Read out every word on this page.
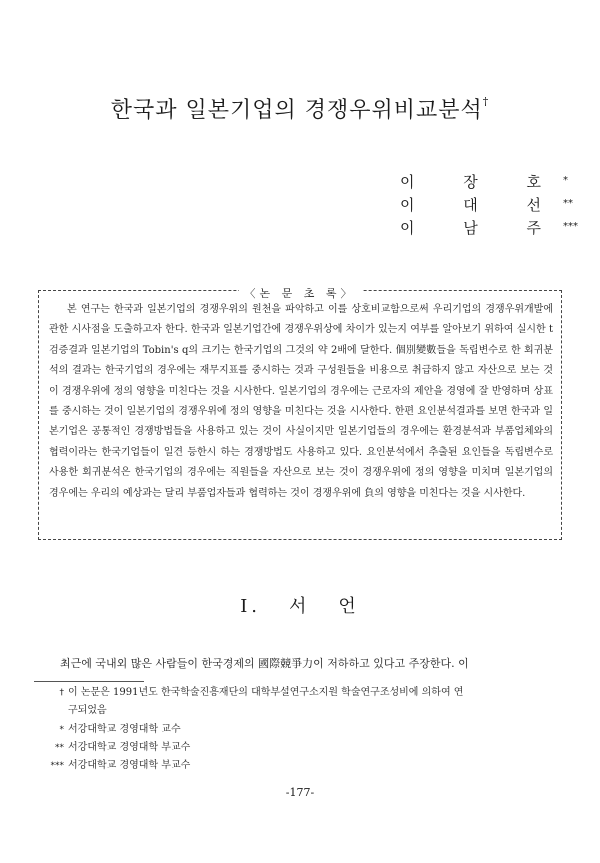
한국과 일본기업의 경쟁우위비교분석†
이 장 호*
이 대 선**
이 남 주***
〈논 문 초 록〉
본 연구는 한국과 일본기업의 경쟁우위의 원천을 파악하고 이를 상호비교함으로써 우리기업의 경쟁우위개발에 관한 시사점을 도출하고자 한다. 한국과 일본기업간에 경쟁우위상에 차이가 있는지 여부를 알아보기 위하여 실시한 t검증결과 일본기업의 Tobin's q의 크기는 한국기업의 그것의 약 2배에 달한다. 個別變數들을 독립변수로 한 회귀분석의 결과는 한국기업의 경우에는 재무지표를 중시하는 것과 구성원들을 비용으로 취급하지 않고 자산으로 보는 것이 경쟁우위에 정의 영향을 미친다는 것을 시사한다. 일본기업의 경우에는 근로자의 제안을 경영에 잘 반영하며 상표를 중시하는 것이 일본기업의 경쟁우위에 정의 영향을 미친다는 것을 시사한다. 한편 요인분석결과를 보면 한국과 일본기업은 공통적인 경쟁방법들을 사용하고 있는 것이 사실이지만 일본기업들의 경우에는 환경분석과 부품업체와의 협력이라는 한국기업들이 일견 등한시 하는 경쟁방법도 사용하고 있다. 요인분석에서 추출된 요인들을 독립변수로 사용한 회귀분석은 한국기업의 경우에는 직원들을 자산으로 보는 것이 경쟁우위에 정의 영향을 미치며 일본기업의 경우에는 우리의 예상과는 달리 부품업자들과 협력하는 것이 경쟁우위에 負의 영향을 미친다는 것을 시사한다.
I. 서 언
최근에 국내외 많은 사람들이 한국경제의 國際競爭力이 저하하고 있다고 주장한다. 이
† 이 논문은 1991년도 한국학술진흥재단의 대학부설연구소지원 학술연구조성비에 의하여 연
구되었음
* 서강대학교 경영대학 교수
** 서강대학교 경영대학 부교수
*** 서강대학교 경영대학 부교수
-177-
